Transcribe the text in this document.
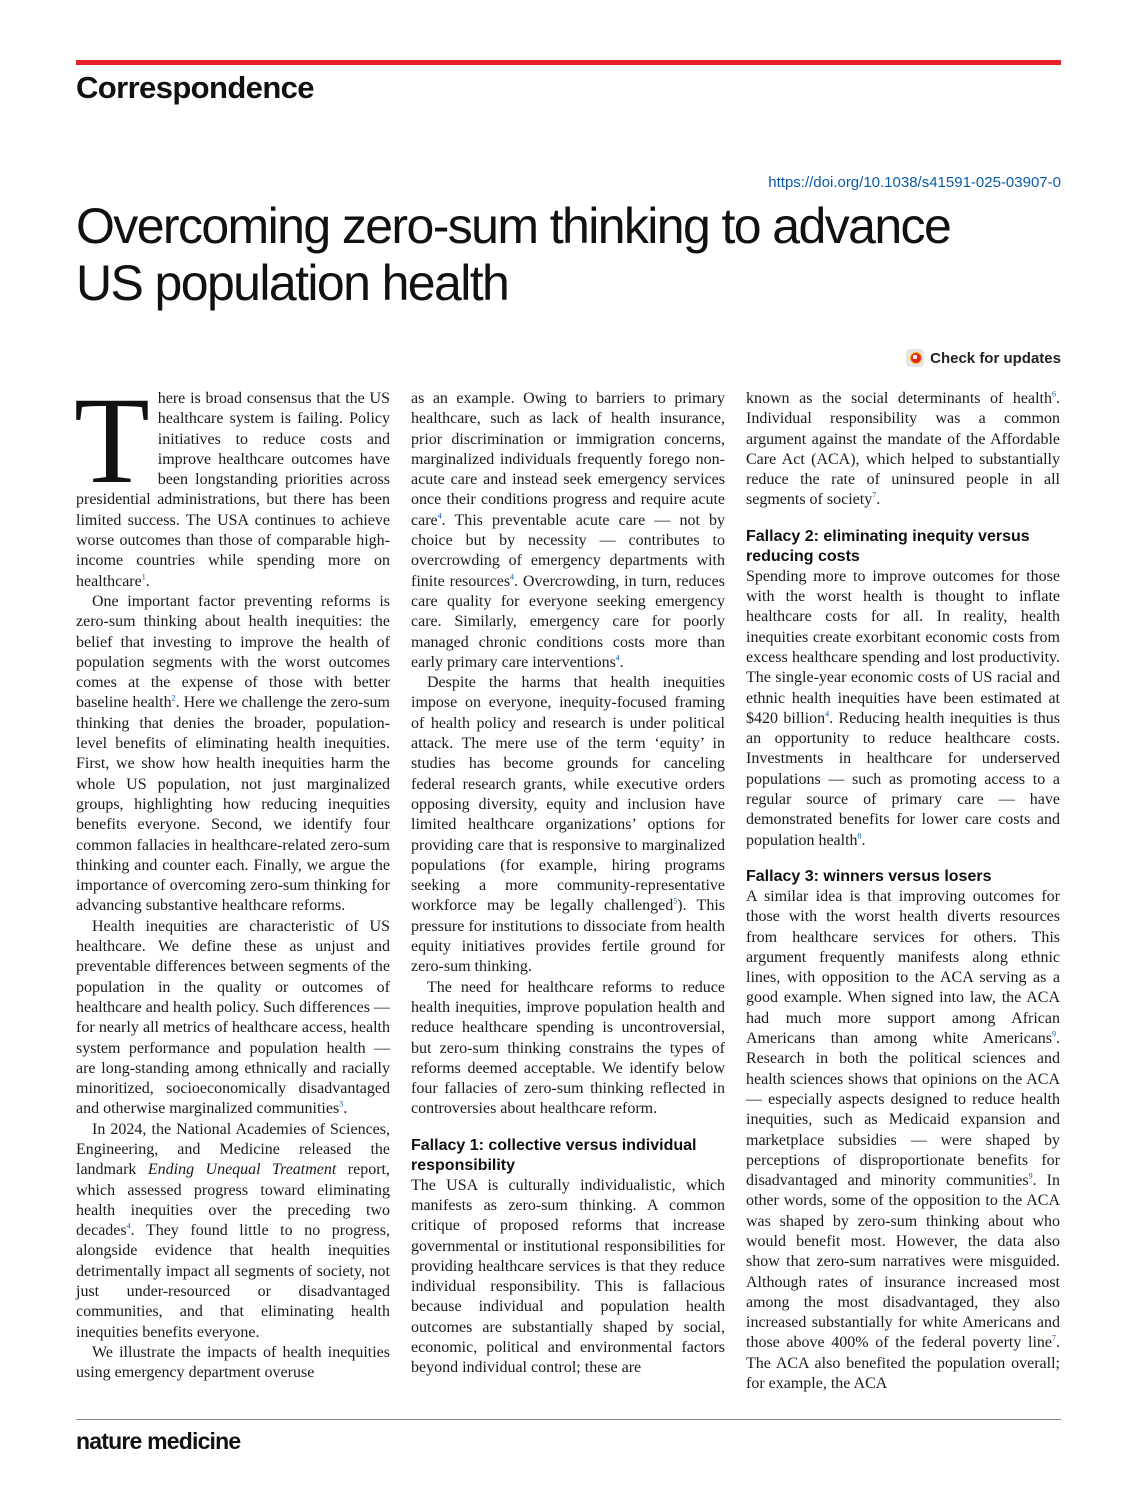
Correspondence
https://doi.org/10.1038/s41591-025-03907-0
Overcoming zero-sum thinking to advance
US population health
Check for updates

There is broad consensus that the US healthcare system is failing. Policy initiatives to reduce costs and improve healthcare outcomes have been longstanding priorities across presidential administrations, but there has been limited success. The USA continues to achieve worse outcomes than those of comparable high-income countries while spending more on healthcare$^1$.

One important factor preventing reforms is zero-sum thinking about health inequities: the belief that investing to improve the health of population segments with the worst outcomes comes at the expense of those with better baseline health$^2$. Here we challenge the zero-sum thinking that denies the broader, population-level benefits of eliminating health inequities. First, we show how health inequities harm the whole US population, not just marginalized groups, highlighting how reducing inequities benefits everyone. Second, we identify four common fallacies in healthcare-related zero-sum thinking and counter each. Finally, we argue the importance of overcoming zero-sum thinking for advancing substantive healthcare reforms.

Health inequities are characteristic of US healthcare. We define these as unjust and preventable differences between segments of the population in the quality or outcomes of healthcare and health policy. Such differences — for nearly all metrics of healthcare access, health system performance and population health — are long-standing among ethnically and racially minoritized, socioeconomically disadvantaged and otherwise marginalized communities$^3$.

In 2024, the National Academies of Sciences, Engineering, and Medicine released the landmark Ending Unequal Treatment report, which assessed progress toward eliminating health inequities over the preceding two decades$^4$. They found little to no progress, alongside evidence that health inequities detrimentally impact all segments of society, not just under-resourced or disadvantaged communities, and that eliminating health inequities benefits everyone.

We illustrate the impacts of health inequities using emergency department overuse

as an example. Owing to barriers to primary healthcare, such as lack of health insurance, prior discrimination or immigration concerns, marginalized individuals frequently forego non-acute care and instead seek emergency services once their conditions progress and require acute care$^4$. This preventable acute care — not by choice but by necessity — contributes to overcrowding of emergency departments with finite resources$^4$. Overcrowding, in turn, reduces care quality for everyone seeking emergency care. Similarly, emergency care for poorly managed chronic conditions costs more than early primary care interventions$^4$.

Despite the harms that health inequities impose on everyone, inequity-focused framing of health policy and research is under political attack. The mere use of the term ‘equity’ in studies has become grounds for canceling federal research grants, while executive orders opposing diversity, equity and inclusion have limited healthcare organizations’ options for providing care that is responsive to marginalized populations (for example, hiring programs seeking a more community-representative workforce may be legally challenged$^5$). This pressure for institutions to dissociate from health equity initiatives provides fertile ground for zero-sum thinking.

The need for healthcare reforms to reduce health inequities, improve population health and reduce healthcare spending is uncontroversial, but zero-sum thinking constrains the types of reforms deemed acceptable. We identify below four fallacies of zero-sum thinking reflected in controversies about healthcare reform.

Fallacy 1: collective versus individual responsibility

The USA is culturally individualistic, which manifests as zero-sum thinking. A common critique of proposed reforms that increase governmental or institutional responsibilities for providing healthcare services is that they reduce individual responsibility. This is fallacious because individual and population health outcomes are substantially shaped by social, economic, political and environmental factors beyond individual control; these are

known as the social determinants of health$^6$. Individual responsibility was a common argument against the mandate of the Affordable Care Act (ACA), which helped to substantially reduce the rate of uninsured people in all segments of society$^7$.

Fallacy 2: eliminating inequity versus reducing costs

Spending more to improve outcomes for those with the worst health is thought to inflate healthcare costs for all. In reality, health inequities create exorbitant economic costs from excess healthcare spending and lost productivity. The single-year economic costs of US racial and ethnic health inequities have been estimated at $420 billion$^4$. Reducing health inequities is thus an opportunity to reduce healthcare costs. Investments in healthcare for underserved populations — such as promoting access to a regular source of primary care — have demonstrated benefits for lower care costs and population health$^8$.

Fallacy 3: winners versus losers

A similar idea is that improving outcomes for those with the worst health diverts resources from healthcare services for others. This argument frequently manifests along ethnic lines, with opposition to the ACA serving as a good example. When signed into law, the ACA had much more support among African Americans than among white Americans$^9$. Research in both the political sciences and health sciences shows that opinions on the ACA — especially aspects designed to reduce health inequities, such as Medicaid expansion and marketplace subsidies — were shaped by perceptions of disproportionate benefits for disadvantaged and minority communities$^9$. In other words, some of the opposition to the ACA was shaped by zero-sum thinking about who would benefit most. However, the data also show that zero-sum narratives were misguided. Although rates of insurance increased most among the most disadvantaged, they also increased substantially for white Americans and those above 400% of the federal poverty line$^7$. The ACA also benefited the population overall; for example, the ACA

nature medicine
